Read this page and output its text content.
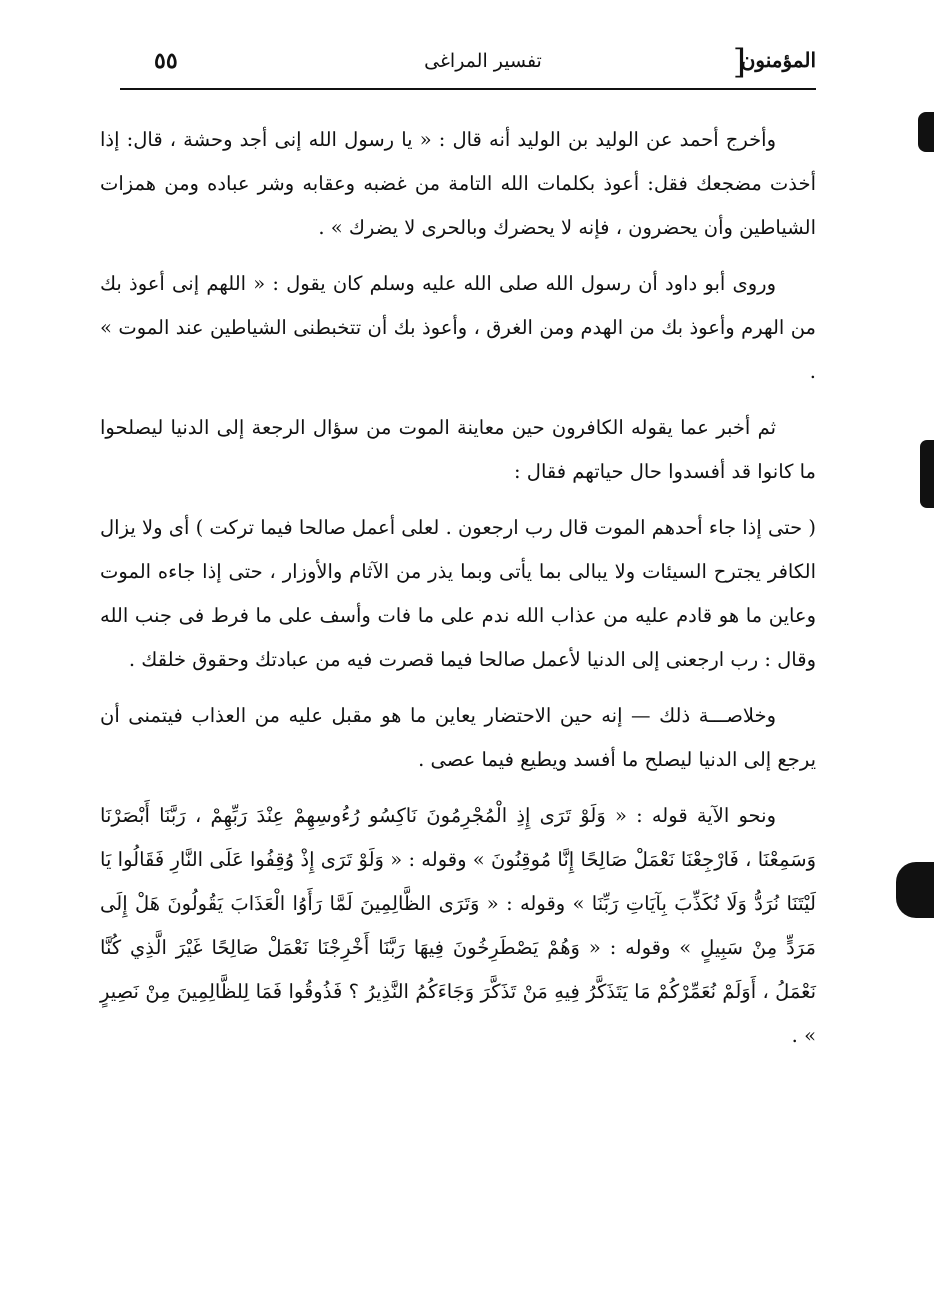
المؤمنون
]
تفسير المراغى
٥٥

وأخرج أحمد عن الوليد بن الوليد أنه قال : « يا رسول الله إنى أجد وحشة ، قال: إذا أخذت مضجعك فقل: أعوذ بكلمات الله التامة من غضبه وعقابه وشر عباده ومن همزات الشياطين وأن يحضرون ، فإنه لا يحضرك وبالحرى لا يضرك » .

وروى أبو داود أن رسول الله صلى الله عليه وسلم كان يقول : « اللهم إنى أعوذ بك من الهرم وأعوذ بك من الهدم ومن الغرق ، وأعوذ بك أن تتخبطنى الشياطين عند الموت » .

ثم أخبر عما يقوله الكافرون حين معاينة الموت من سؤال الرجعة إلى الدنيا ليصلحوا ما كانوا قد أفسدوا حال حياتهم فقال :

( حتى إذا جاء أحدهم الموت قال رب ارجعون . لعلى أعمل صالحا فيما تركت ) أى ولا يزال الكافر يجترح السيئات ولا يبالى بما يأتى وبما يذر من الآثام والأوزار ، حتى إذا جاءه الموت وعاين ما هو قادم عليه من عذاب الله ندم على ما فات وأسف على ما فرط فى جنب الله وقال : رب ارجعنى إلى الدنيا لأعمل صالحا فيما قصرت فيه من عبادتك وحقوق خلقك .

وخلاصـــة ذلك — إنه حين الاحتضار يعاين ما هو مقبل عليه من العذاب فيتمنى أن يرجع إلى الدنيا ليصلح ما أفسد ويطيع فيما عصى .

ونحو الآية قوله : « وَلَوْ تَرَى إِذِ الْمُجْرِمُونَ نَاكِسُو رُءُوسِهِمْ عِنْدَ رَبِّهِمْ ، رَبَّنَا أَبْصَرْنَا وَسَمِعْنَا ، فَارْجِعْنَا نَعْمَلْ صَالِحًا إِنَّا مُوقِنُونَ » وقوله : « وَلَوْ تَرَى إِذْ وُقِفُوا عَلَى النَّارِ فَقَالُوا يَا لَيْتَنَا نُرَدُّ وَلَا نُكَذِّبَ بِآيَاتِ رَبِّنَا » وقوله : « وَتَرَى الظَّالِمِينَ لَمَّا رَأَوُا الْعَذَابَ يَقُولُونَ هَلْ إِلَى مَرَدٍّ مِنْ سَبِيلٍ » وقوله : « وَهُمْ يَصْطَرِخُونَ فِيهَا رَبَّنَا أَخْرِجْنَا نَعْمَلْ صَالِحًا غَيْرَ الَّذِي كُنَّا نَعْمَلُ ، أَوَلَمْ نُعَمِّرْكُمْ مَا يَتَذَكَّرُ فِيهِ مَنْ تَذَكَّرَ وَجَاءَكُمُ النَّذِيرُ ؟ فَذُوقُوا فَمَا لِلظَّالِمِينَ مِنْ نَصِيرٍ » .
